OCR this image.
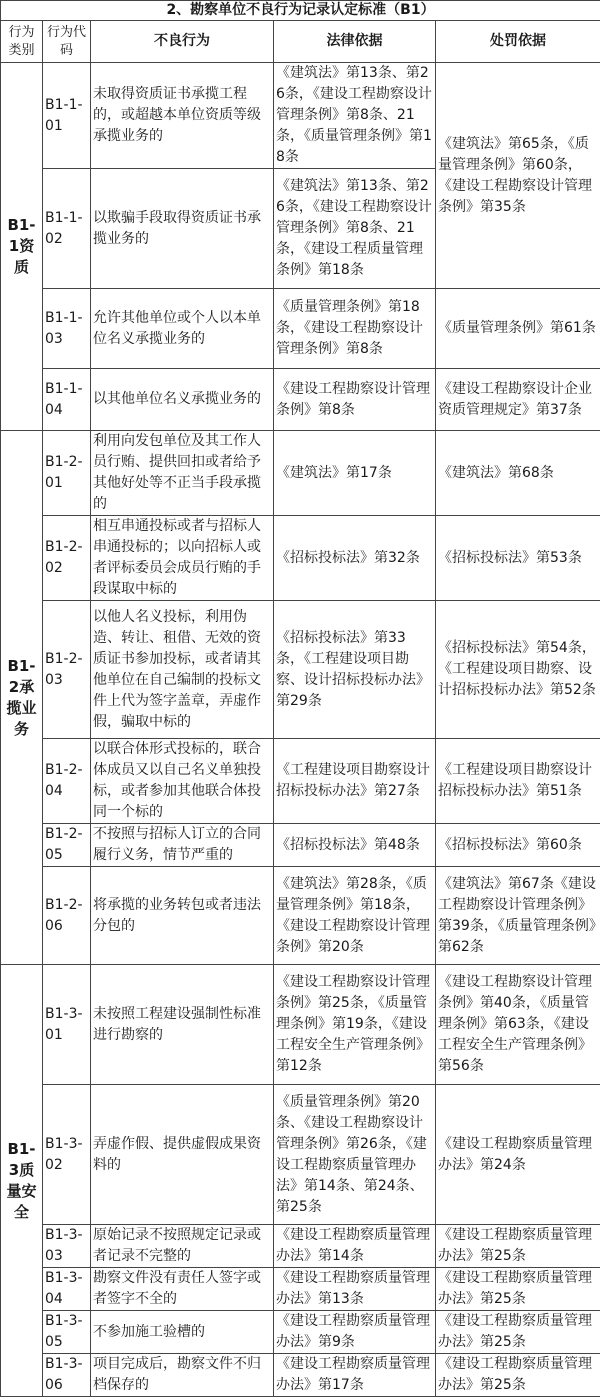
2、勘察单位不良行为记录认定标准（B1）				
行为类别	行为代码	不良行为	法律依据	处罚依据
B1-1资质	B1-1-01	未取得资质证书承揽工程的，或超越本单位资质等级承揽业务的	《建筑法》第13条、第26条，《建设工程勘察设计管理条例》第8条、21条，《质量管理条例》第18条	《建筑法》第65条，《质量管理条例》第60条，《建设工程勘察设计管理条例》第35条
	B1-1-02	以欺骗手段取得资质证书承揽业务的	《建筑法》第13条、第26条，《建设工程勘察设计管理条例》第8条、21条，《建设工程质量管理条例》第18条	
	B1-1-03	允许其他单位或个人以本单位名义承揽业务的	《质量管理条例》第18条，《建设工程勘察设计管理条例》第8条	《质量管理条例》第61条
	B1-1-04	以其他单位名义承揽业务的	《建设工程勘察设计管理条例》第8条	《建设工程勘察设计企业资质管理规定》第37条
B1-2承揽业务	B1-2-01	利用向发包单位及其工作人员行贿、提供回扣或者给予其他好处等不正当手段承揽的	《建筑法》第17条	《建筑法》第68条
	B1-2-02	相互串通投标或者与招标人串通投标的；以向招标人或者评标委员会成员行贿的手段谋取中标的	《招标投标法》第32条	《招标投标法》第53条
	B1-2-03	以他人名义投标，利用伪造、转让、租借、无效的资质证书参加投标，或者请其他单位在自己编制的投标文件上代为签字盖章，弄虚作假，骗取中标的	《招标投标法》第33条，《工程建设项目勘察、设计招标投标办法》第29条	《招标投标法》第54条，《工程建设项目勘察、设计招标投标办法》第52条
	B1-2-04	以联合体形式投标的，联合体成员又以自己名义单独投标，或者参加其他联合体投同一个标的	《工程建设项目勘察设计招标投标办法》第27条	《工程建设项目勘察设计招标投标办法》第51条
	B1-2-05	不按照与招标人订立的合同履行义务，情节严重的	《招标投标法》第48条	《招标投标法》第60条
	B1-2-06	将承揽的业务转包或者违法分包的	《建筑法》第28条，《质量管理条例》第18条，《建设工程勘察设计管理条例》第20条	《建筑法》第67条《建设工程勘察设计管理条例》第39条，《质量管理条例》第62条
B1-3质量安全	B1-3-01	未按照工程建设强制性标准进行勘察的	《建设工程勘察设计管理条例》第25条，《质量管理条例》第19条，《建设工程安全生产管理条例》第12条	《建设工程勘察设计管理条例》第40条，《质量管理条例》第63条，《建设工程安全生产管理条例》第56条
	B1-3-02	弄虚作假、提供虚假成果资料的	《质量管理条例》第20条、《建设工程勘察设计管理条例》第26条，《建设工程勘察质量管理办法》第14条、第24条、第25条	《建设工程勘察质量管理办法》第24条
	B1-3-03	原始记录不按照规定记录或者记录不完整的	《建设工程勘察质量管理办法》第14条	《建设工程勘察质量管理办法》第25条
	B1-3-04	勘察文件没有责任人签字或者签字不全的	《建设工程勘察质量管理办法》第13条	《建设工程勘察质量管理办法》第25条
	B1-3-05	不参加施工验槽的	《建设工程勘察质量管理办法》第9条	《建设工程勘察质量管理办法》第25条
	B1-3-06	项目完成后，勘察文件不归档保存的	《建设工程勘察质量管理办法》第17条	《建设工程勘察质量管理办法》第25条
